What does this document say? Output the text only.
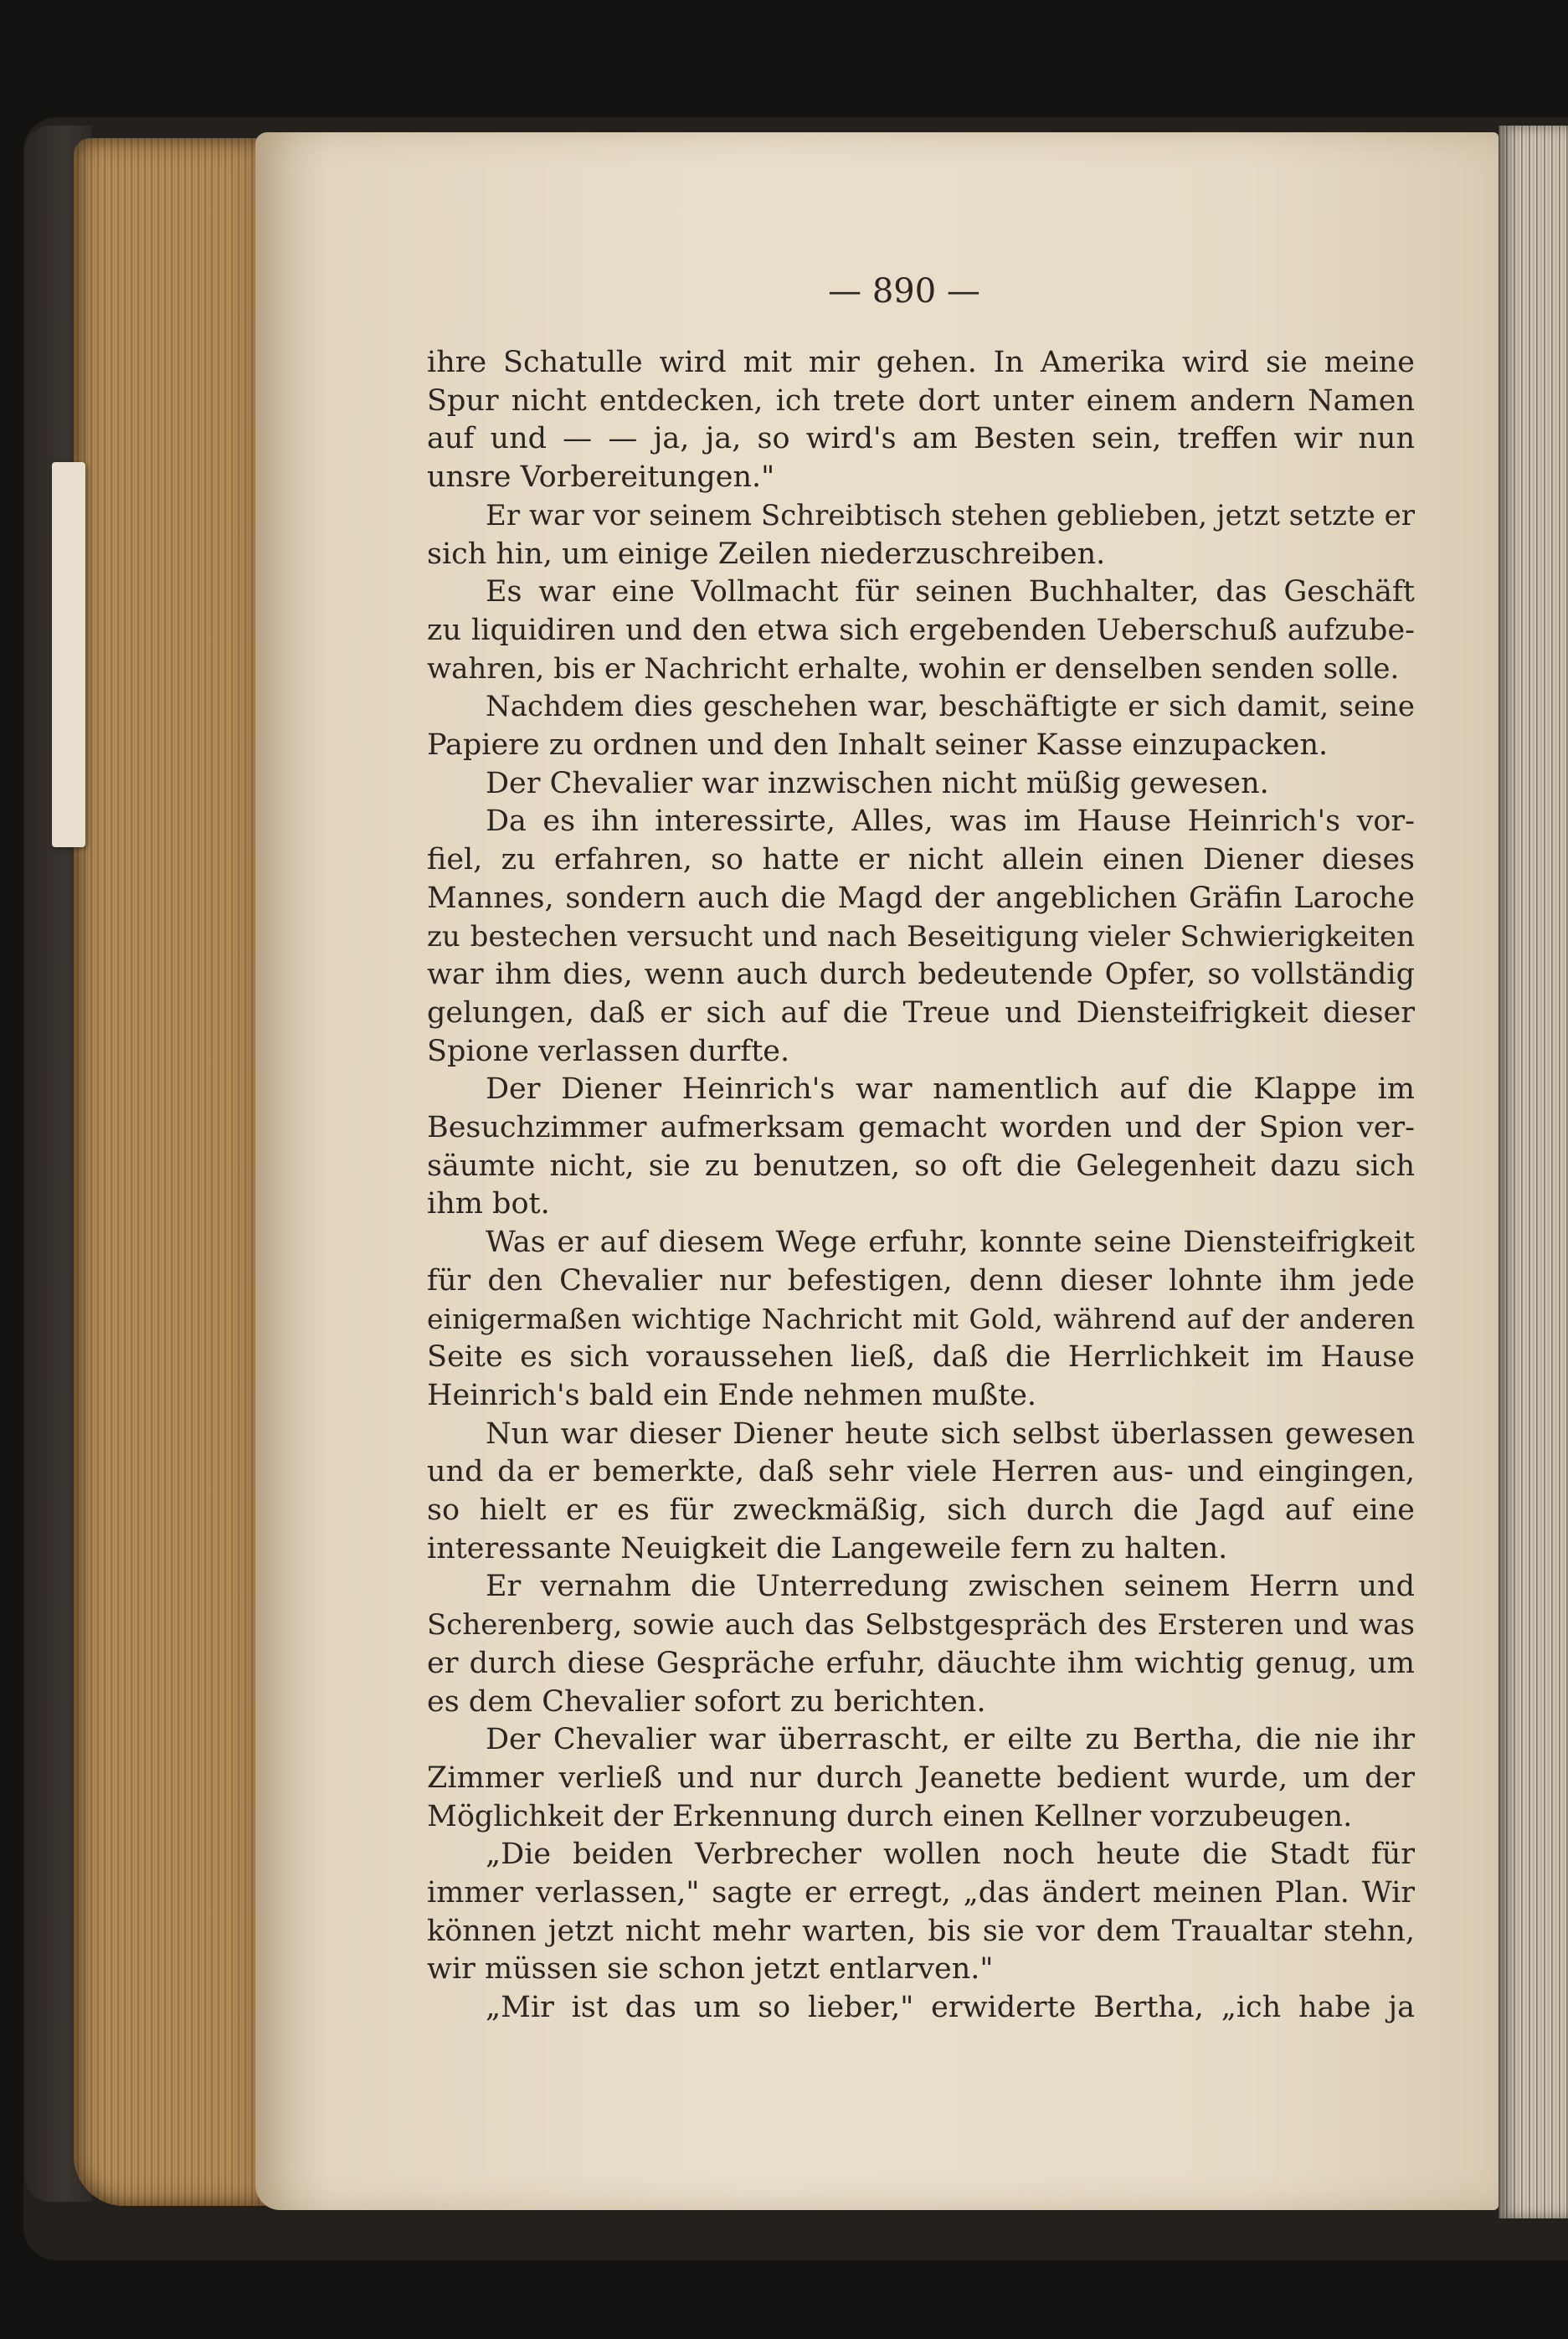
— 890 —
ihre Schatulle wird mit mir gehen. In Amerika wird sie meine
Spur nicht entdecken, ich trete dort unter einem andern Namen
auf und — — ja, ja, so wird's am Besten sein, treffen wir nun
unsre Vorbereitungen."
Er war vor seinem Schreibtisch stehen geblieben, jetzt setzte er
sich hin, um einige Zeilen niederzuschreiben.
Es war eine Vollmacht für seinen Buchhalter, das Geschäft
zu liquidiren und den etwa sich ergebenden Ueberschuß aufzube-
wahren, bis er Nachricht erhalte, wohin er denselben senden solle.
Nachdem dies geschehen war, beschäftigte er sich damit, seine
Papiere zu ordnen und den Inhalt seiner Kasse einzupacken.
Der Chevalier war inzwischen nicht müßig gewesen.
Da es ihn interessirte, Alles, was im Hause Heinrich's vor-
fiel, zu erfahren, so hatte er nicht allein einen Diener dieses
Mannes, sondern auch die Magd der angeblichen Gräfin Laroche
zu bestechen versucht und nach Beseitigung vieler Schwierigkeiten
war ihm dies, wenn auch durch bedeutende Opfer, so vollständig
gelungen, daß er sich auf die Treue und Diensteifrigkeit dieser
Spione verlassen durfte.
Der Diener Heinrich's war namentlich auf die Klappe im
Besuchzimmer aufmerksam gemacht worden und der Spion ver-
säumte nicht, sie zu benutzen, so oft die Gelegenheit dazu sich
ihm bot.
Was er auf diesem Wege erfuhr, konnte seine Diensteifrigkeit
für den Chevalier nur befestigen, denn dieser lohnte ihm jede
einigermaßen wichtige Nachricht mit Gold, während auf der anderen
Seite es sich voraussehen ließ, daß die Herrlichkeit im Hause
Heinrich's bald ein Ende nehmen mußte.
Nun war dieser Diener heute sich selbst überlassen gewesen
und da er bemerkte, daß sehr viele Herren aus- und eingingen,
so hielt er es für zweckmäßig, sich durch die Jagd auf eine
interessante Neuigkeit die Langeweile fern zu halten.
Er vernahm die Unterredung zwischen seinem Herrn und
Scherenberg, sowie auch das Selbstgespräch des Ersteren und was
er durch diese Gespräche erfuhr, däuchte ihm wichtig genug, um
es dem Chevalier sofort zu berichten.
Der Chevalier war überrascht, er eilte zu Bertha, die nie ihr
Zimmer verließ und nur durch Jeanette bedient wurde, um der
Möglichkeit der Erkennung durch einen Kellner vorzubeugen.
„Die beiden Verbrecher wollen noch heute die Stadt für
immer verlassen," sagte er erregt, „das ändert meinen Plan. Wir
können jetzt nicht mehr warten, bis sie vor dem Traualtar stehn,
wir müssen sie schon jetzt entlarven."
„Mir ist das um so lieber," erwiderte Bertha, „ich habe ja
